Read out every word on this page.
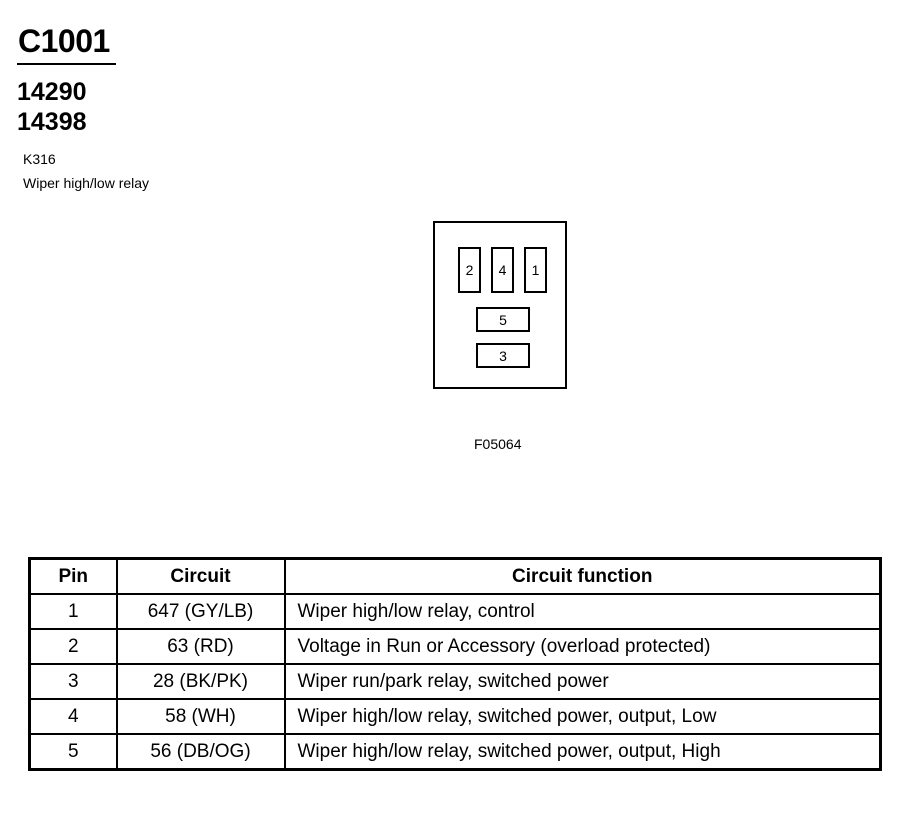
C1001
14290
14398
K316
Wiper high/low relay
2	4	1
5
3
F05064
Pin	Circuit	Circuit function
1	647 (GY/LB)	Wiper high/low relay, control
2	63 (RD)	Voltage in Run or Accessory (overload protected)
3	28 (BK/PK)	Wiper run/park relay, switched power
4	58 (WH)	Wiper high/low relay, switched power, output, Low
5	56 (DB/OG)	Wiper high/low relay, switched power, output, High
